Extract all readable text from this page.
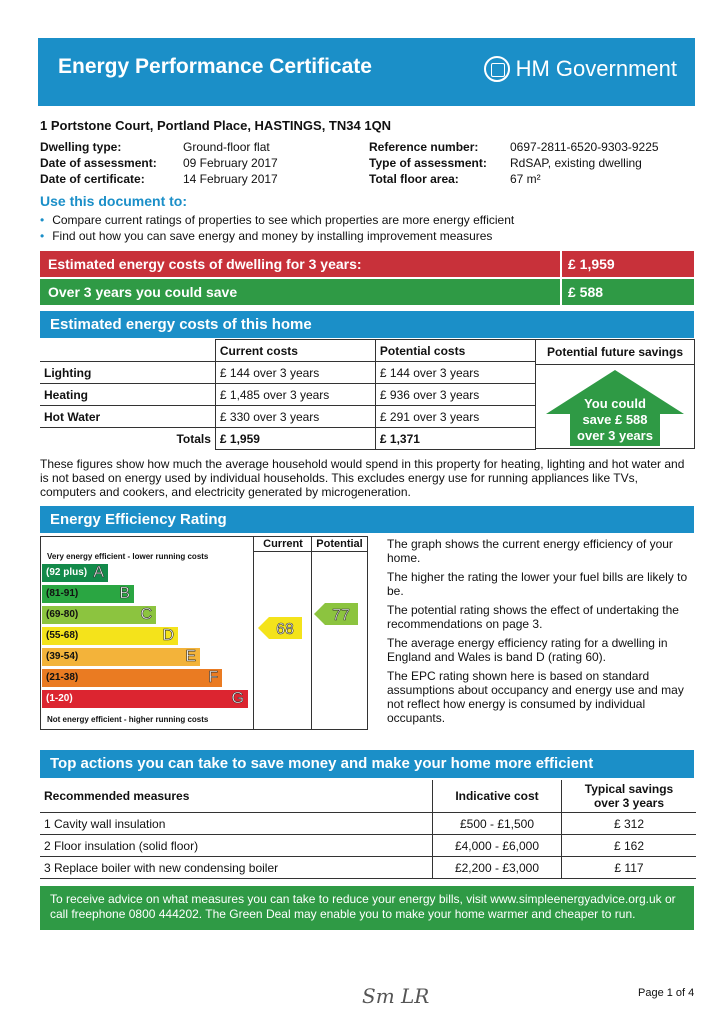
Energy Performance Certificate	HM Government
1 Portstone Court, Portland Place, HASTINGS, TN34 1QN
Dwelling type:	Ground-floor flat
Date of assessment:	09 February 2017
Date of certificate:	14 February 2017
Reference number:	0697-2811-6520-9303-9225
Type of assessment:	RdSAP, existing dwelling
Total floor area:	67 m²
Use this document to:
• Compare current ratings of properties to see which properties are more energy efficient
• Find out how you can save energy and money by installing improvement measures
Estimated energy costs of dwelling for 3 years:	£ 1,959
Over 3 years you could save	£ 588
Estimated energy costs of this home
	Current costs	Potential costs
Lighting	£ 144 over 3 years	£ 144 over 3 years
Heating	£ 1,485 over 3 years	£ 936 over 3 years
Hot Water	£ 330 over 3 years	£ 291 over 3 years
Totals	£ 1,959	£ 1,371
Potential future savings
You could
save £ 588
over 3 years
These figures show how much the average household would spend in this property for heating, lighting and hot water and is not based on energy used by individual households. This excludes energy use for running appliances like TVs, computers and cookers, and electricity generated by microgeneration.
Energy Efficiency Rating
Current	Potential
Very energy efficient - lower running costs
Not energy efficient - higher running costs
(92 plus) A
(81-91)	B
(69-80)	C
(55-68)	D
(39-54)	E
(21-38)	F
(1-20)	G
68
77
The graph shows the current energy efficiency of your home.
The higher the rating the lower your fuel bills are likely to be.
The potential rating shows the effect of undertaking the recommendations on page 3.
The average energy efficiency rating for a dwelling in England and Wales is band D (rating 60).
The EPC rating shown here is based on standard assumptions about occupancy and energy use and may not reflect how energy is consumed by individual occupants.
Top actions you can take to save money and make your home more efficient
Recommended measures	Indicative cost	Typical savings
over 3 years

1 Cavity wall insulation	£500 - £1,500	£ 312
2 Floor insulation (solid floor)	£4,000 - £6,000	£ 162
3 Replace boiler with new condensing boiler	£2,200 - £3,000	£ 117
To receive advice on what measures you can take to reduce your energy bills, visit www.simpleenergyadvice.org.uk or call freephone 0800 444202. The Green Deal may enable you to make your home warmer and cheaper to run.
Sm LR	Page 1 of 4
